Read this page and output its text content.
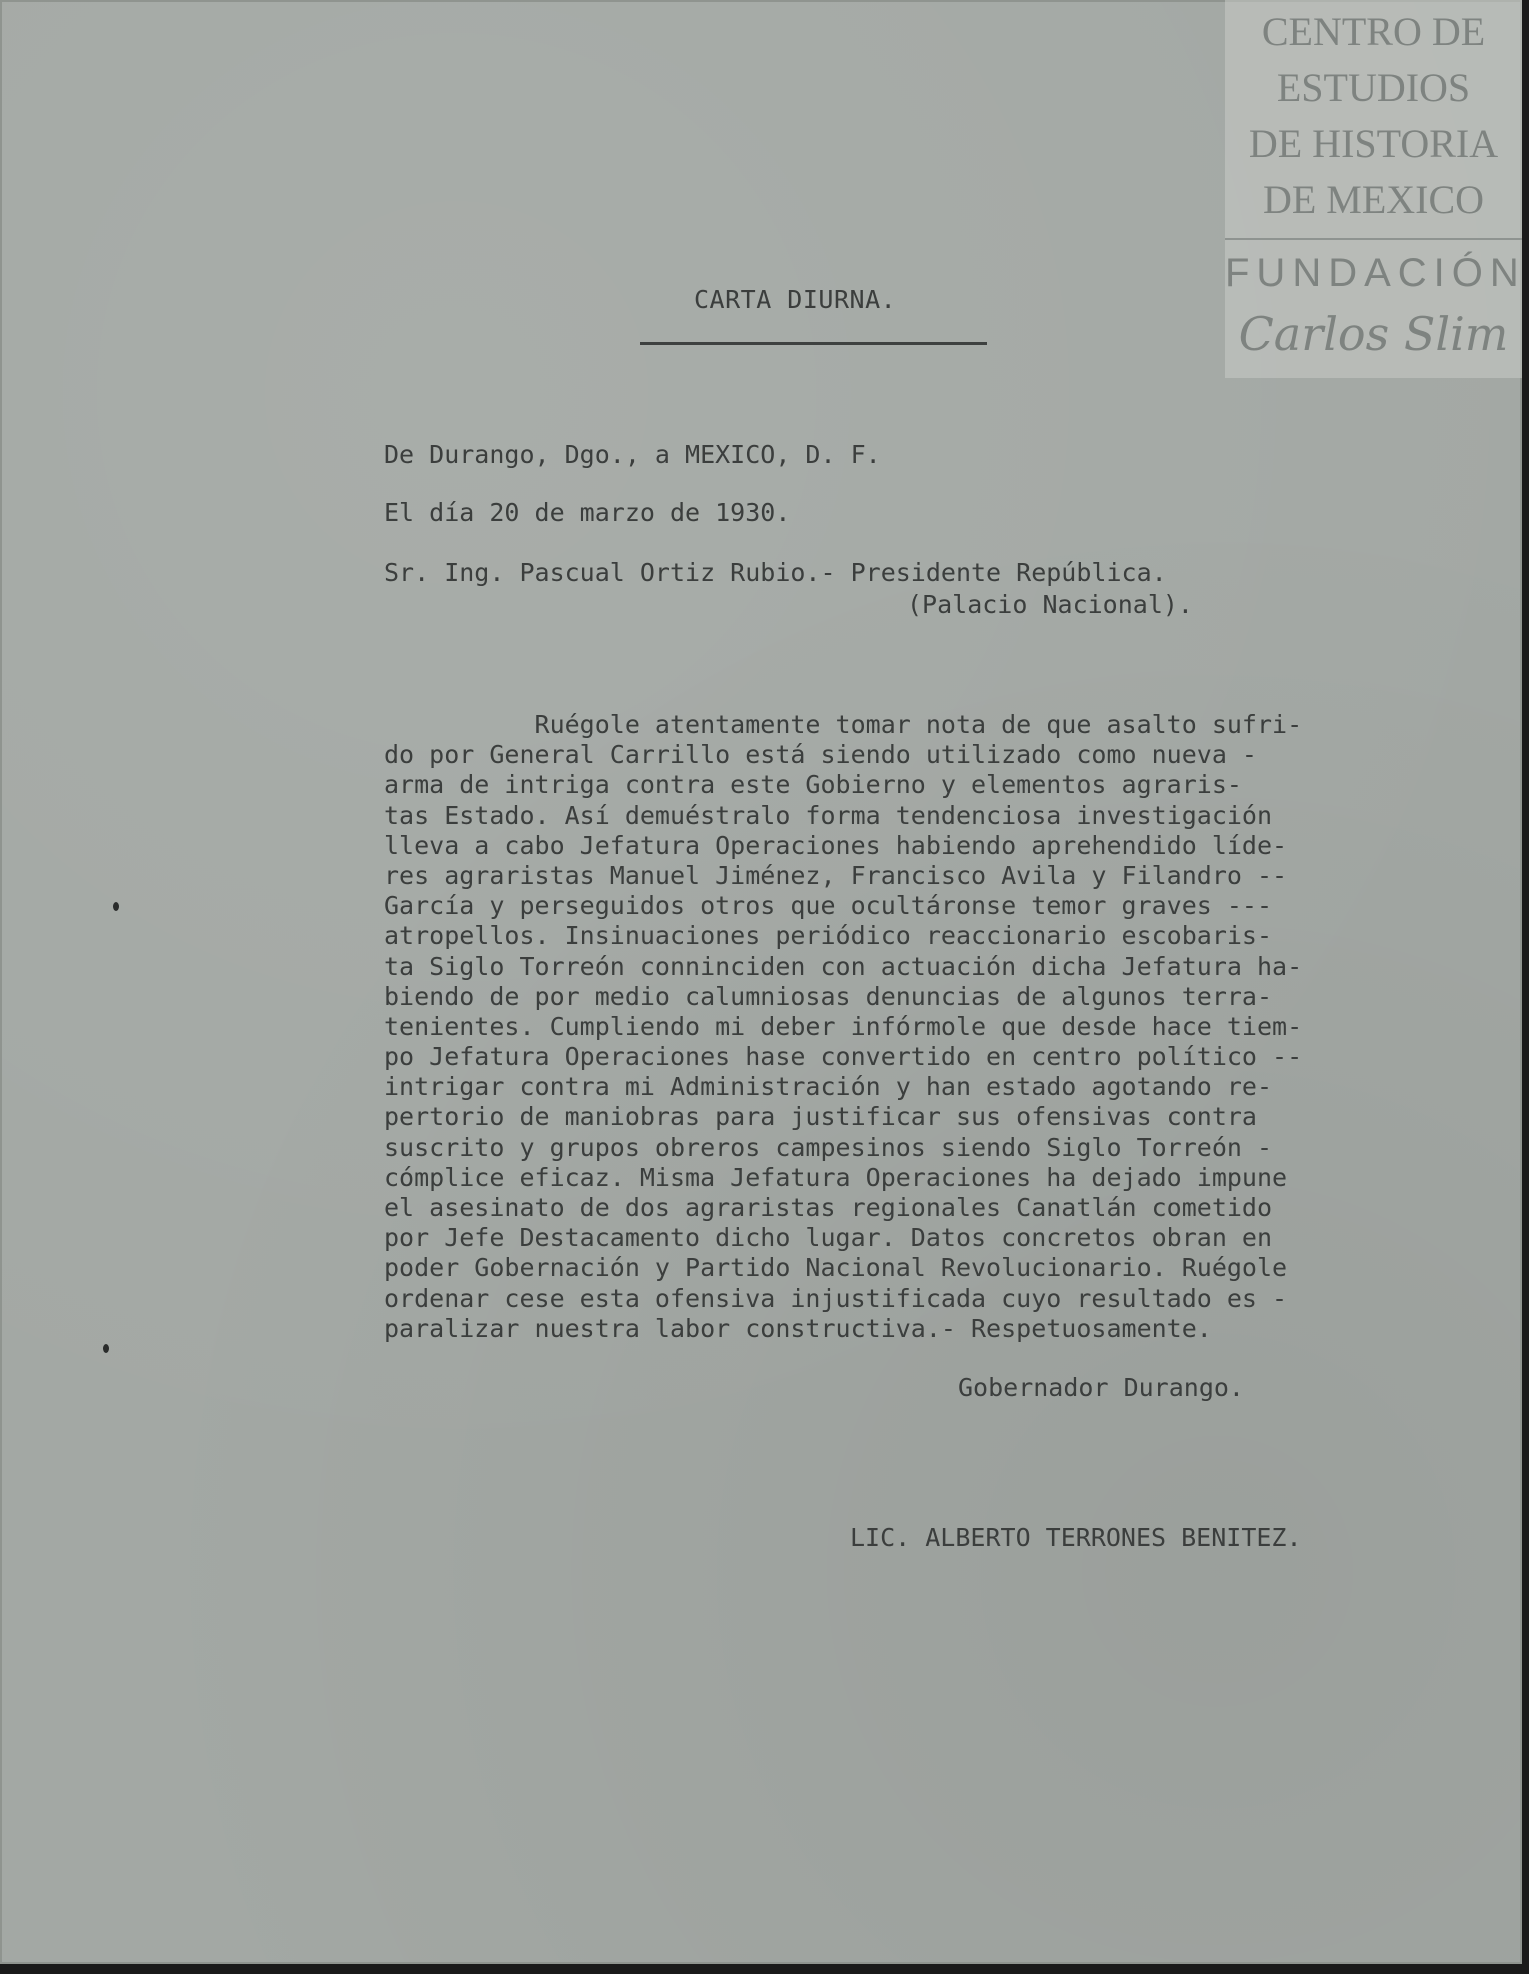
CENTRO DE
ESTUDIOS
DE HISTORIA
DE MEXICO
FUNDACIÓN
Carlos Slim
CARTA DIURNA.
De Durango, Dgo., a MEXICO, D. F.
El día 20 de marzo de 1930.
Sr. Ing. Pascual Ortiz Rubio.- Presidente República.
(Palacio Nacional).
Ruégole atentamente tomar nota de que asalto sufri-
do por General Carrillo está siendo utilizado como nueva -
arma de intriga contra este Gobierno y elementos agraris-
tas Estado. Así demuéstralo forma tendenciosa investigación
lleva a cabo Jefatura Operaciones habiendo aprehendido líde-
res agraristas Manuel Jiménez, Francisco Avila y Filandro --
García y perseguidos otros que ocultáronse temor graves ---
atropellos. Insinuaciones periódico reaccionario escobaris-
ta Siglo Torreón conninciden con actuación dicha Jefatura ha-
biendo de por medio calumniosas denuncias de algunos terra-
tenientes. Cumpliendo mi deber infórmole que desde hace tiem-
po Jefatura Operaciones hase convertido en centro político --
intrigar contra mi Administración y han estado agotando re-
pertorio de maniobras para justificar sus ofensivas contra
suscrito y grupos obreros campesinos siendo Siglo Torreón -
cómplice eficaz. Misma Jefatura Operaciones ha dejado impune
el asesinato de dos agraristas regionales Canatlán cometido
por Jefe Destacamento dicho lugar. Datos concretos obran en
poder Gobernación y Partido Nacional Revolucionario. Ruégole
ordenar cese esta ofensiva injustificada cuyo resultado es -
paralizar nuestra labor constructiva.- Respetuosamente.
Gobernador Durango.
LIC. ALBERTO TERRONES BENITEZ.
